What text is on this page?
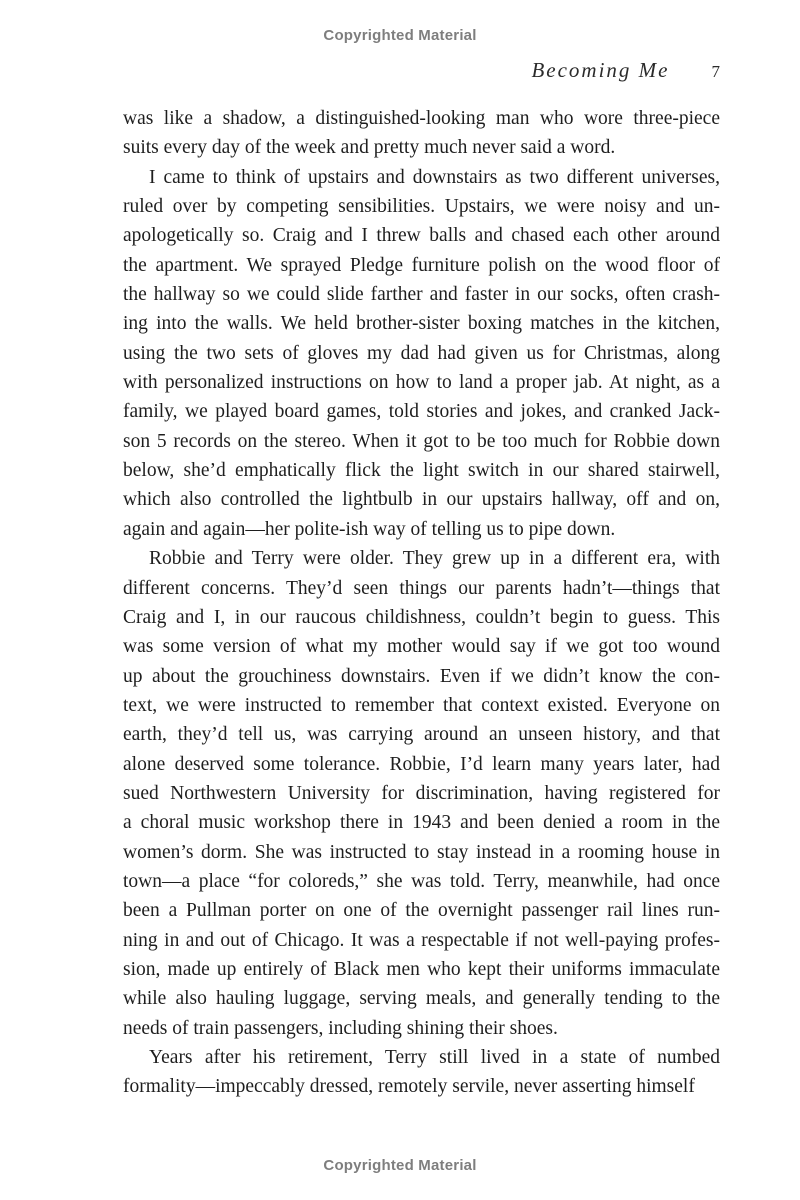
Copyrighted Material
Becoming Me 7
was like a shadow, a distinguished-looking man who wore three-piece
suits every day of the week and pretty much never said a word.
I came to think of upstairs and downstairs as two different universes,
ruled over by competing sensibilities. Upstairs, we were noisy and un-
apologetically so. Craig and I threw balls and chased each other around
the apartment. We sprayed Pledge furniture polish on the wood floor of
the hallway so we could slide farther and faster in our socks, often crash-
ing into the walls. We held brother-sister boxing matches in the kitchen,
using the two sets of gloves my dad had given us for Christmas, along
with personalized instructions on how to land a proper jab. At night, as a
family, we played board games, told stories and jokes, and cranked Jack-
son 5 records on the stereo. When it got to be too much for Robbie down
below, she’d emphatically flick the light switch in our shared stairwell,
which also controlled the lightbulb in our upstairs hallway, off and on,
again and again—her polite-ish way of telling us to pipe down.
Robbie and Terry were older. They grew up in a different era, with
different concerns. They’d seen things our parents hadn’t—things that
Craig and I, in our raucous childishness, couldn’t begin to guess. This
was some version of what my mother would say if we got too wound
up about the grouchiness downstairs. Even if we didn’t know the con-
text, we were instructed to remember that context existed. Everyone on
earth, they’d tell us, was carrying around an unseen history, and that
alone deserved some tolerance. Robbie, I’d learn many years later, had
sued Northwestern University for discrimination, having registered for
a choral music workshop there in 1943 and been denied a room in the
women’s dorm. She was instructed to stay instead in a rooming house in
town—a place “for coloreds,” she was told. Terry, meanwhile, had once
been a Pullman porter on one of the overnight passenger rail lines run-
ning in and out of Chicago. It was a respectable if not well-paying profes-
sion, made up entirely of Black men who kept their uniforms immaculate
while also hauling luggage, serving meals, and generally tending to the
needs of train passengers, including shining their shoes.
Years after his retirement, Terry still lived in a state of numbed
formality—impeccably dressed, remotely servile, never asserting himself
Copyrighted Material
